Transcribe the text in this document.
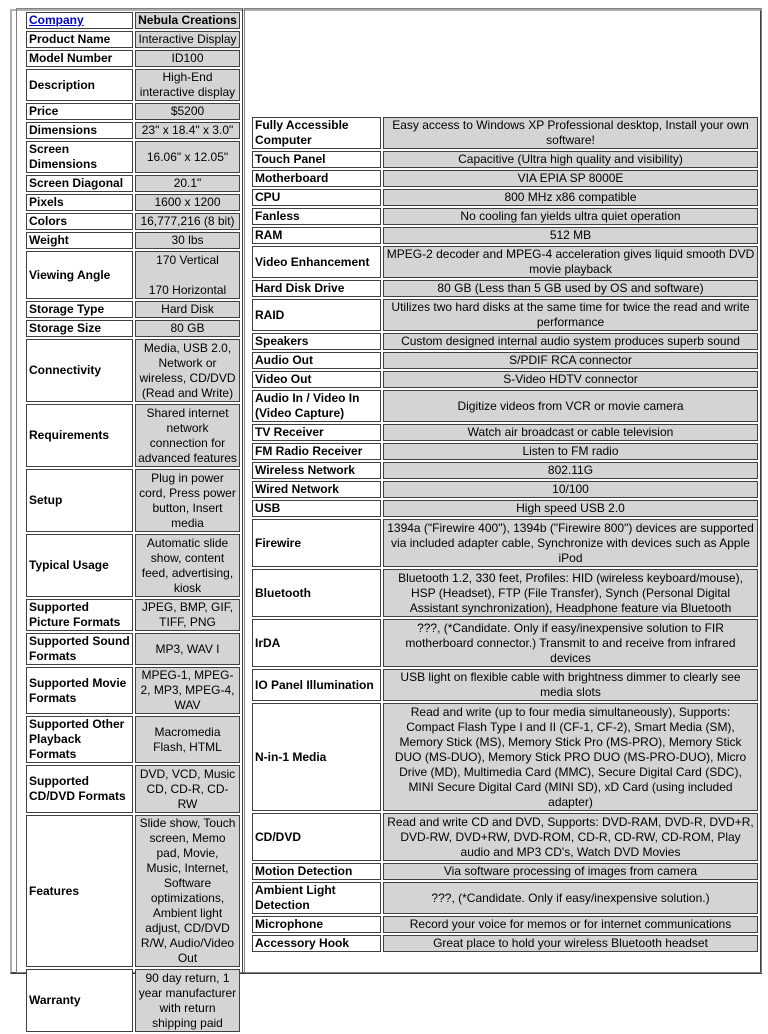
Company	Nebula Creations
Product Name	Interactive Display
Model Number	ID100
Description	High-End interactive display
Price	$5200
Dimensions	23" x 18.4" x 3.0"
Screen Dimensions	16.06" x 12.05"
Screen Diagonal	20.1"
Pixels	1600 x 1200
Colors	16,777,216 (8 bit)
Weight	30 lbs
Viewing Angle	170 Vertical

170 Horizontal
Storage Type	Hard Disk
Storage Size	80 GB
Connectivity	Media, USB 2.0, Network or wireless, CD/DVD (Read and Write)
Requirements	Shared internet network connection for advanced features
Setup	Plug in power cord, Press power button, Insert media
Typical Usage	Automatic slide show, content feed, advertising, kiosk
Supported Picture Formats	JPEG, BMP, GIF, TIFF, PNG
Supported Sound Formats	MP3, WAV I
Supported Movie Formats	MPEG-1, MPEG-2, MP3, MPEG-4, WAV
Supported Other Playback Formats	Macromedia Flash, HTML
Supported CD/DVD Formats	DVD, VCD, Music CD, CD-R, CD-RW
Features	Slide show, Touch screen, Memo pad, Movie, Music, Internet, Software optimizations, Ambient light adjust, CD/DVD R/W, Audio/Video Out
Warranty	90 day return, 1 year manufacturer with return shipping paid
Fully Accessible Computer	Easy access to Windows XP Professional desktop, Install your own software!
Touch Panel	Capacitive (Ultra high quality and visibility)
Motherboard	VIA EPIA SP 8000E
CPU	800 MHz x86 compatible
Fanless	No cooling fan yields ultra quiet operation
RAM	512 MB
Video Enhancement	MPEG-2 decoder and MPEG-4 acceleration gives liquid smooth DVD movie playback
Hard Disk Drive	80 GB (Less than 5 GB used by OS and software)
RAID	Utilizes two hard disks at the same time for twice the read and write performance
Speakers	Custom designed internal audio system produces superb sound
Audio Out	S/PDIF RCA connector
Video Out	S-Video HDTV connector
Audio In / Video In (Video Capture)	Digitize videos from VCR or movie camera
TV Receiver	Watch air broadcast or cable television
FM Radio Receiver	Listen to FM radio
Wireless Network	802.11G
Wired Network	10/100
USB	High speed USB 2.0
Firewire	1394a ("Firewire 400"), 1394b ("Firewire 800") devices are supported via included adapter cable, Synchronize with devices such as Apple iPod
Bluetooth	Bluetooth 1.2, 330 feet, Profiles: HID (wireless keyboard/mouse), HSP (Headset), FTP (File Transfer), Synch (Personal Digital Assistant synchronization), Headphone feature via Bluetooth
IrDA	???, (*Candidate. Only if easy/inexpensive solution to FIR motherboard connector.) Transmit to and receive from infrared devices
IO Panel Illumination	USB light on flexible cable with brightness dimmer to clearly see media slots
N-in-1 Media	Read and write (up to four media simultaneously), Supports: Compact Flash Type I and II (CF-1, CF-2), Smart Media (SM), Memory Stick (MS), Memory Stick Pro (MS-PRO), Memory Stick DUO (MS-DUO), Memory Stick PRO DUO (MS-PRO-DUO), Micro Drive (MD), Multimedia Card (MMC), Secure Digital Card (SDC), MINI Secure Digital Card (MINI SD), xD Card (using included adapter)
CD/DVD	Read and write CD and DVD, Supports: DVD-RAM, DVD-R, DVD+R, DVD-RW, DVD+RW, DVD-ROM, CD-R, CD-RW, CD-ROM, Play audio and MP3 CD's, Watch DVD Movies
Motion Detection	Via software processing of images from camera
Ambient Light Detection	???, (*Candidate. Only if easy/inexpensive solution.)
Microphone	Record your voice for memos or for internet communications
Accessory Hook	Great place to hold your wireless Bluetooth headset
